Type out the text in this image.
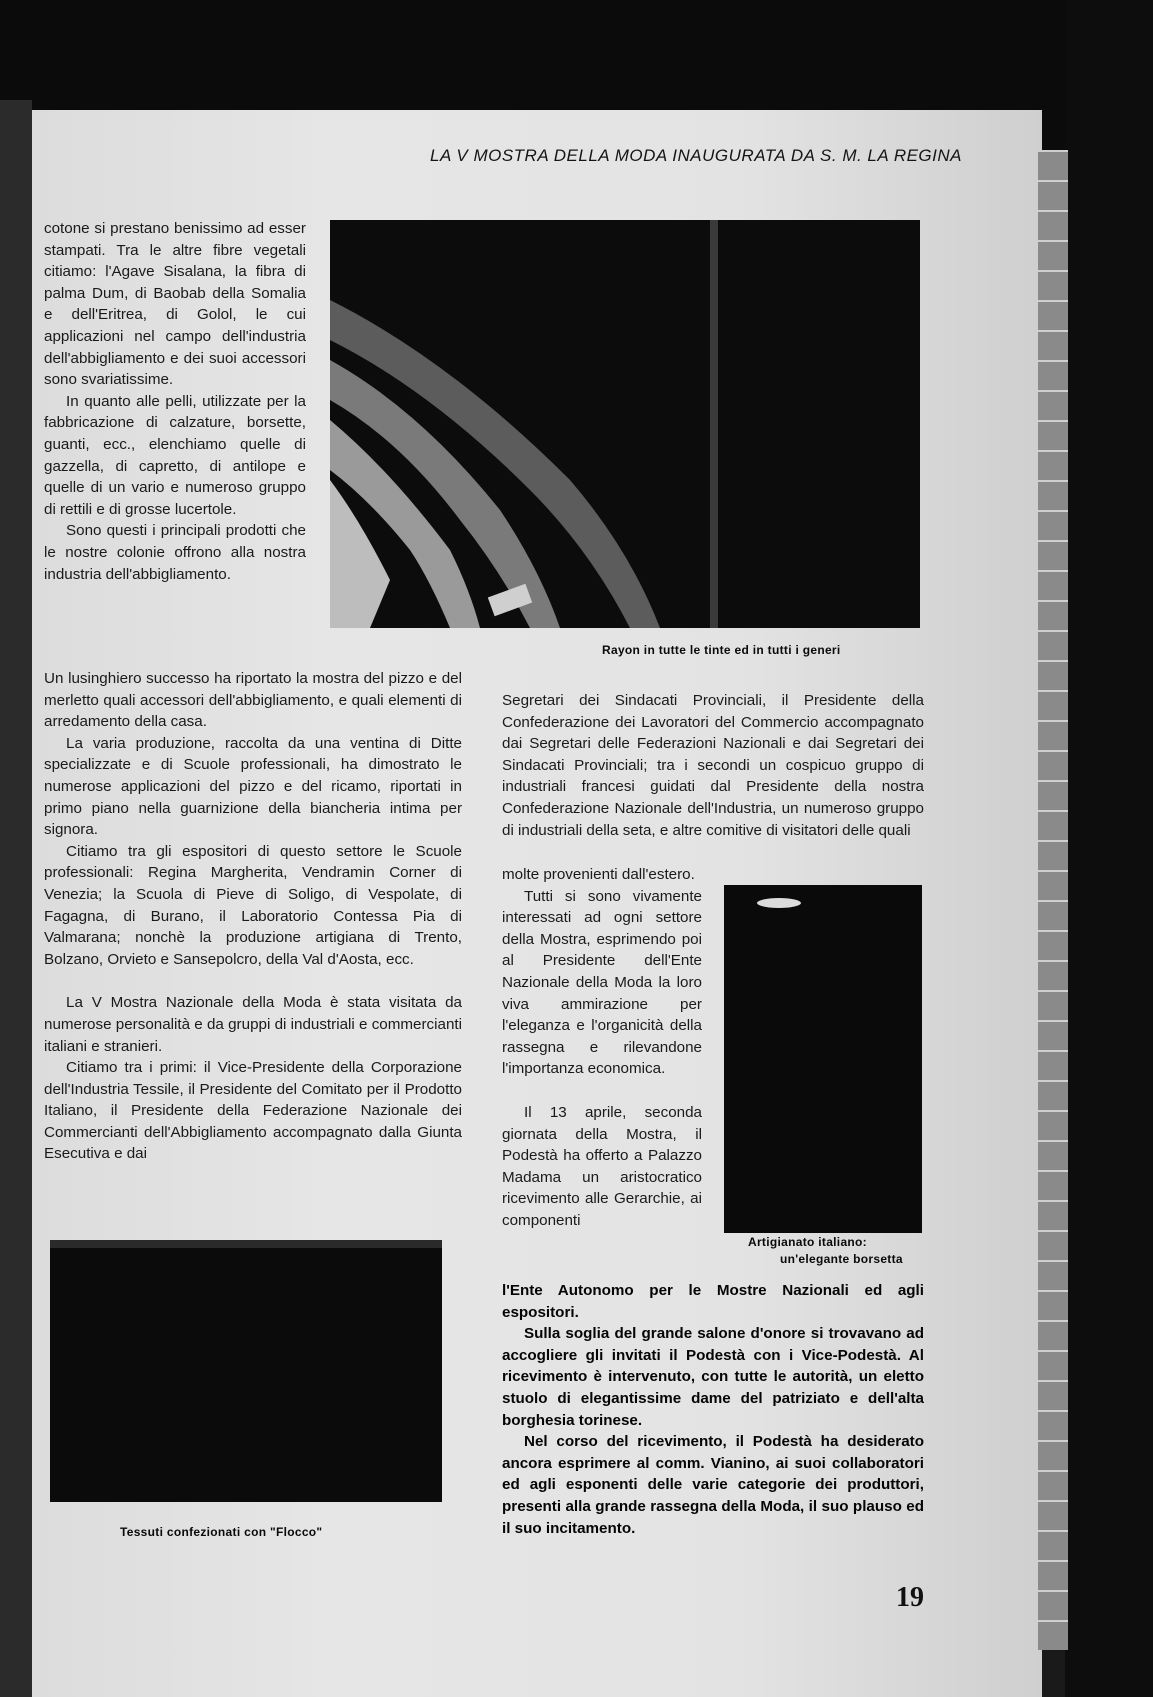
LA V MOSTRA DELLA MODA INAUGURATA DA S. M. LA REGINA

cotone si prestano benissimo ad esser stampati. Tra le altre fibre vegetali citiamo: l'Agave Sisalana, la fibra di palma Dum, di Baobab della Somalia e dell'Eritrea, di Golol, le cui applicazioni nel campo dell'industria dell'abbigliamento e dei suoi accessori sono svariatissime.

In quanto alle pelli, utilizzate per la fabbricazione di calzature, borsette, guanti, ecc., elenchiamo quelle di gazzella, di capretto, di antilope e quelle di un vario e numeroso gruppo di rettili e di grosse lucertole.

Sono questi i principali prodotti che le nostre colonie offrono alla nostra industria dell'abbigliamento.

Rayon in tutte le tinte ed in tutti i generi

Un lusinghiero successo ha riportato la mostra del pizzo e del merletto quali accessori dell'abbigliamento, e quali elementi di arredamento della casa.

La varia produzione, raccolta da una ventina di Ditte specializzate e di Scuole professionali, ha dimostrato le numerose applicazioni del pizzo e del ricamo, riportati in primo piano nella guarnizione della biancheria intima per signora.

Citiamo tra gli espositori di questo settore le Scuole professionali: Regina Margherita, Vendramin Corner di Venezia; la Scuola di Pieve di Soligo, di Vespolate, di Fagagna, di Burano, il Laboratorio Contessa Pia di Valmarana; nonchè la produzione artigiana di Trento, Bolzano, Orvieto e Sansepolcro, della Val d'Aosta, ecc.

La V Mostra Nazionale della Moda è stata visitata da numerose personalità e da gruppi di industriali e commercianti italiani e stranieri.

Citiamo tra i primi: il Vice-Presidente della Corporazione dell'Industria Tessile, il Presidente del Comitato per il Prodotto Italiano, il Presidente della Federazione Nazionale dei Commercianti dell'Abbigliamento accompagnato dalla Giunta Esecutiva e dai

Segretari dei Sindacati Provinciali, il Presidente della Confederazione dei Lavoratori del Commercio accompagnato dai Segretari delle Federazioni Nazionali e dai Segretari dei Sindacati Provinciali; tra i secondi un cospicuo gruppo di industriali francesi guidati dal Presidente della nostra Confederazione Nazionale dell'Industria, un numeroso gruppo di industriali della seta, e altre comitive di visitatori delle quali

molte provenienti dall'estero.

Tutti si sono vivamente interessati ad ogni settore della Mostra, esprimendo poi al Presidente dell'Ente Nazionale della Moda la loro viva ammirazione per l'eleganza e l'organicità della rassegna e rilevandone l'importanza economica.

Il 13 aprile, seconda giornata della Mostra, il Podestà ha offerto a Palazzo Madama un aristocratico ricevimento alle Gerarchie, ai componenti

Artigianato italiano:
un'elegante borsetta

l'Ente Autonomo per le Mostre Nazionali ed agli espositori.

Sulla soglia del grande salone d'onore si trovavano ad accogliere gli invitati il Podestà con i Vice-Podestà. Al ricevimento è intervenuto, con tutte le autorità, un eletto stuolo di elegantissime dame del patriziato e dell'alta borghesia torinese.

Nel corso del ricevimento, il Podestà ha desiderato ancora esprimere al comm. Vianino, ai suoi collaboratori ed agli esponenti delle varie categorie dei produttori, presenti alla grande rassegna della Moda, il suo plauso ed il suo incitamento.

Tessuti confezionati con "Flocco"
19
